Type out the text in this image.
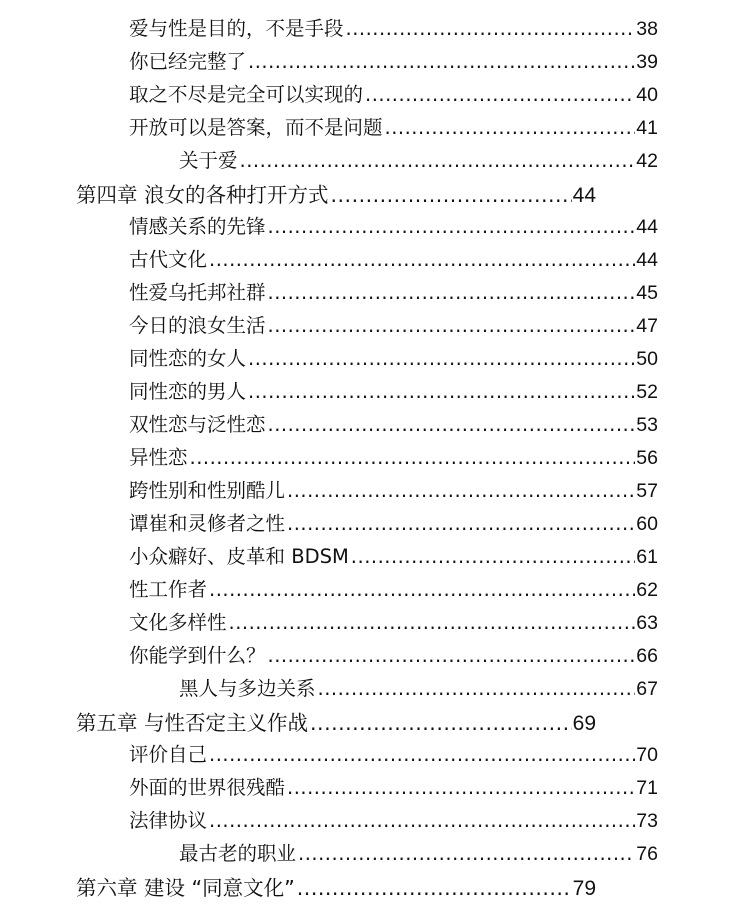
爱与性是目的，不是手段 .....	38
你已经完整了 .....	39
取之不尽是完全可以实现的 .....	40
开放可以是答案，而不是问题 .....	41
关于爱 .....	42
第四章 浪女的各种打开方式 .....	44
情感关系的先锋 .....	44
古代文化 .....	44
性爱乌托邦社群 .....	45
今日的浪女生活 .....	47
同性恋的女人 .....	50
同性恋的男人 .....	52
双性恋与泛性恋 .....	53
异性恋 .....	56
跨性别和性别酷儿 .....	57
谭崔和灵修者之性 .....	60
小众癖好、皮革和 BDSM .....	61
性工作者 .....	62
文化多样性 .....	63
你能学到什么？ .....	66
黑人与多边关系 .....	67
第五章 与性否定主义作战 .....	69
评价自己 .....	70
外面的世界很残酷 .....	71
法律协议 .....	73
最古老的职业 .....	76
第六章 建设 “同意文化” .....	79
